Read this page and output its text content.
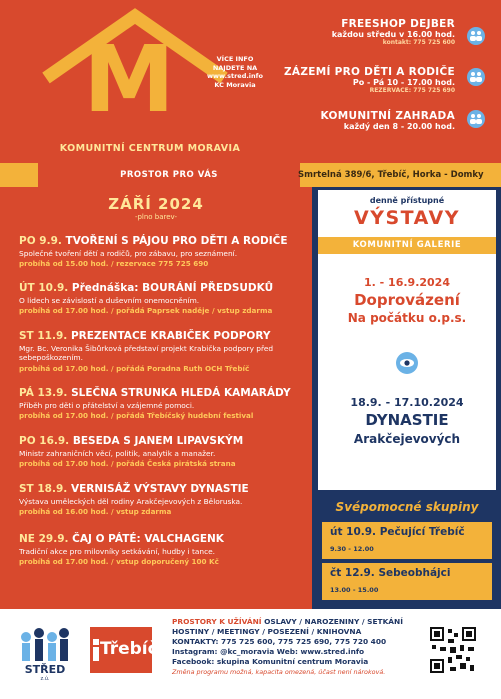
M
KOMUNITNÍ CENTRUM MORAVIA
VÍCE INFO
NAJDETE NA
www.stred.info
KC Moravia
FREESHOP DEJBER
každou středu v 16.00 hod.
kontakt: 775 725 600
ZÁZEMÍ PRO DĚTI A RODIČE
Po - Pá 10 - 17.00 hod.
REZERVACE: 775 725 690
KOMUNITNÍ ZAHRADA
každý den 8 - 20.00 hod.
PROSTOR PRO VÁS	Smrtelná 389/6, Třebíč, Horka - Domky
ZÁŘÍ 2024
-plno barev-
PO 9.9. TVOŘENÍ S PÁJOU PRO DĚTI A RODIČE
Společné tvoření dětí a rodičů, pro zábavu, pro seznámení.
probíhá od 15.00 hod. / rezervace 775 725 690
ÚT 10.9. Přednáška: BOURÁNÍ PŘEDSUDKŮ
O lidech se závislostí a duševním onemocněním.
probíhá od 17.00 hod. / pořádá Paprsek naděje / vstup zdarma
ST 11.9. PREZENTACE KRABIČEK PODPORY
Mgr. Bc. Veronika Šibůrková představí projekt Krabička podpory před
sebepoškozením.
probíhá od 17.00 hod. / pořádá Poradna Ruth OCH Třebíč
PÁ 13.9. SLEČNA STRUNKA HLEDÁ KAMARÁDY
Příběh pro děti o přátelství a vzájemné pomoci.
probíhá od 17.00 hod. / pořádá Třebíčský hudební festival
PO 16.9. BESEDA S JANEM LIPAVSKÝM
Ministr zahraničních věcí, politik, analytik a manažer.
probíhá od 17.00 hod. / pořádá Česká pirátská strana
ST 18.9. VERNISÁŽ VÝSTAVY DYNASTIE
Výstava uměleckých děl rodiny Arakčejevových z Běloruska.
probíhá od 16.00 hod. / vstup zdarma
NE 29.9. ČAJ O PÁTÉ: VALCHAGENK
Tradiční akce pro milovníky setkávání, hudby i tance.
probíhá od 17.00 hod. / vstup doporučený 100 Kč
denně přístupné
VÝSTAVY
KOMUNITNÍ GALERIE
1. - 16.9.2024
Doprovázení
Na počátku o.p.s.
18.9. - 17.10.2024
DYNASTIE
Arakčejevových
Svépomocné skupiny
út 10.9. Pečující Třebíč
9.30 - 12.00
čt 12.9. Sebeobhájci
13.00 - 15.00
STŘED
z.ú.
Třebíč
PROSTORY K UŽÍVÁNÍ OSLAVY / NAROZENINY / SETKÁNÍ
HOSTINY / MEETINGY / POSEZENÍ / KNIHOVNA
KONTAKTY: 775 725 600, 775 725 690, 775 720 400
Instagram: @kc_moravia Web: www.stred.info
Facebook: skupina Komunitní centrum Moravia
Změna programu možná, kapacita omezená, účast není nároková.
